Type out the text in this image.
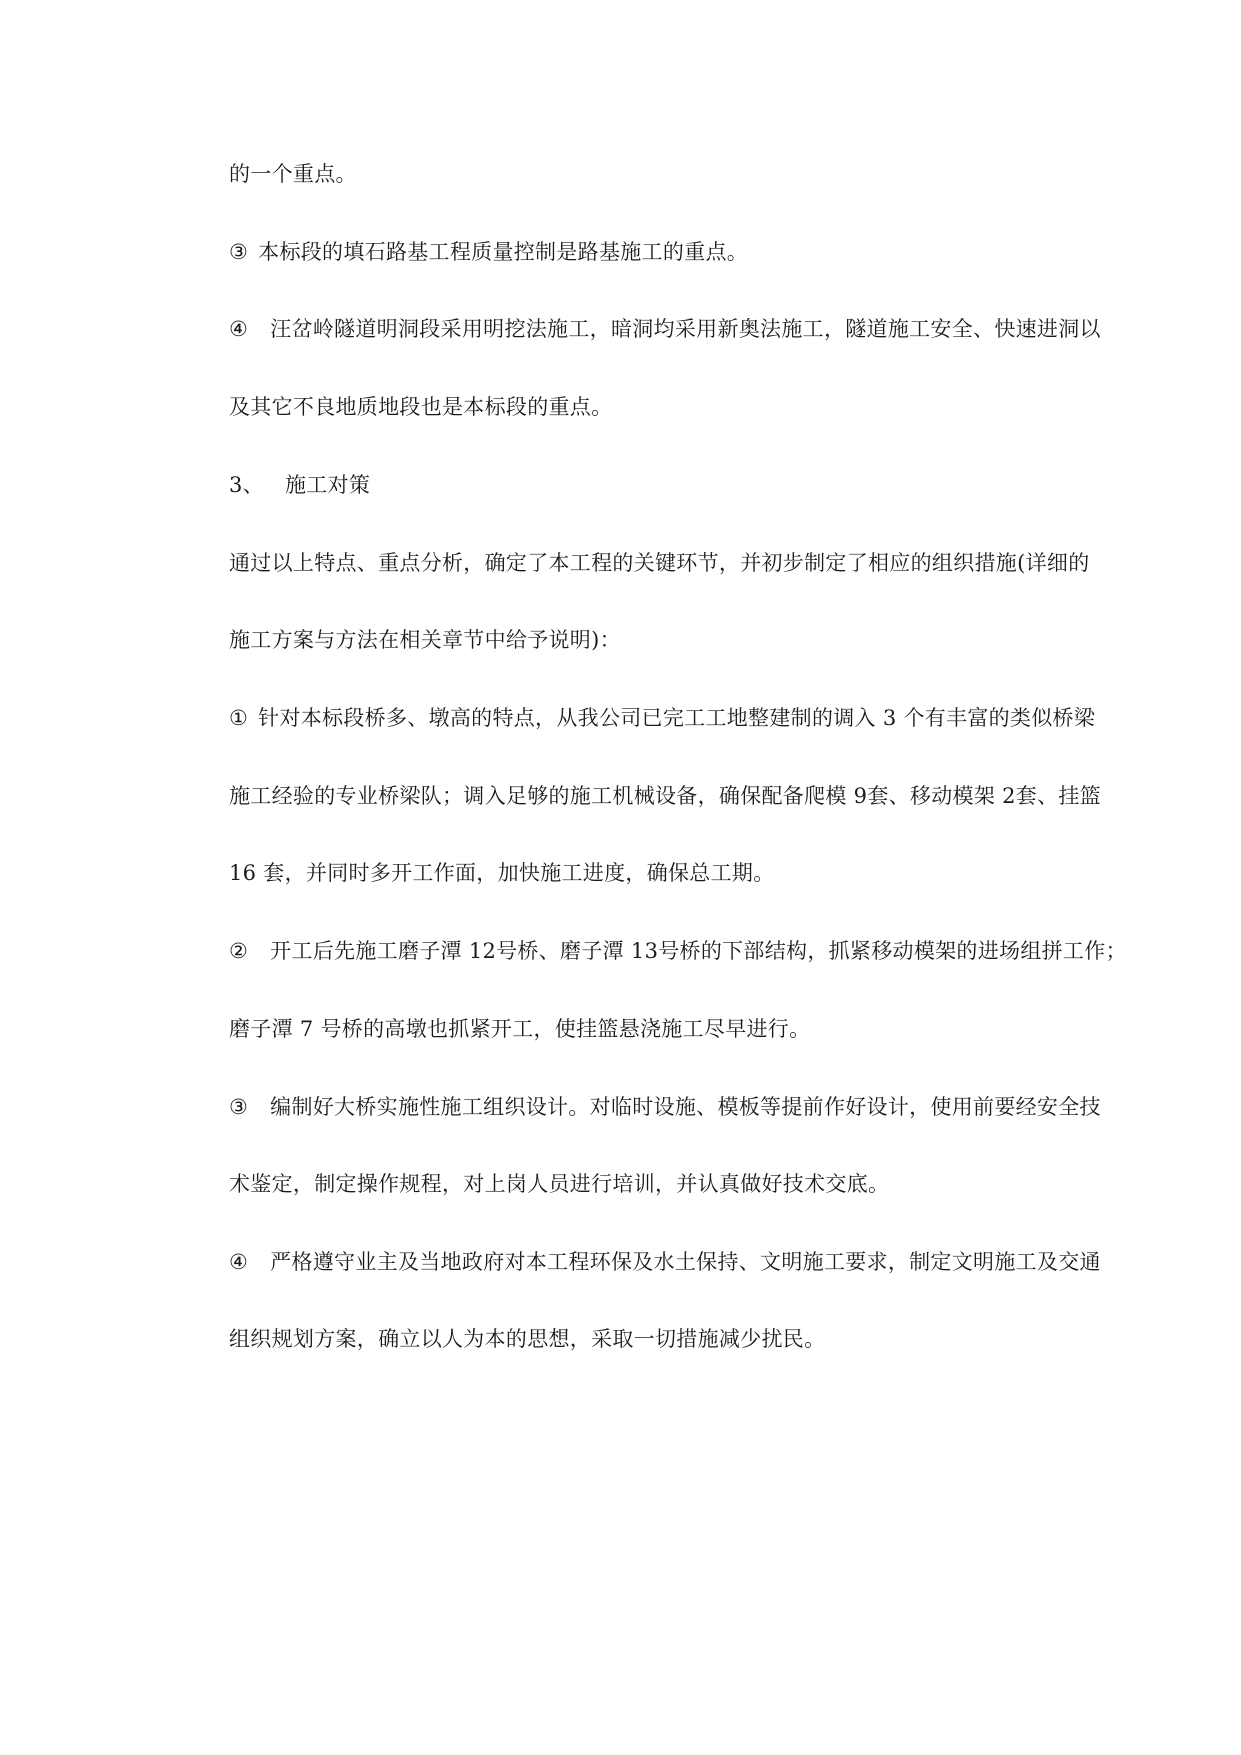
的一个重点。
③ 本标段的填石路基工程质量控制是路基施工的重点。
④ 汪岔岭隧道明洞段采用明挖法施工，暗洞均采用新奥法施工，隧道施工安全、快速进洞以
及其它不良地质地段也是本标段的重点。
3、 施工对策
通过以上特点、重点分析，确定了本工程的关键环节，并初步制定了相应的组织措施(详细的
施工方案与方法在相关章节中给予说明)：
① 针对本标段桥多、墩高的特点，从我公司已完工工地整建制的调入 3 个有丰富的类似桥梁
施工经验的专业桥梁队；调入足够的施工机械设备，确保配备爬模 9套、移动模架 2套、挂篮
16 套，并同时多开工作面，加快施工进度，确保总工期。
② 开工后先施工磨子潭 12号桥、磨子潭 13号桥的下部结构，抓紧移动模架的进场组拼工作；
磨子潭 7 号桥的高墩也抓紧开工，使挂篮悬浇施工尽早进行。
③ 编制好大桥实施性施工组织设计。对临时设施、模板等提前作好设计，使用前要经安全技
术鉴定，制定操作规程，对上岗人员进行培训，并认真做好技术交底。
④ 严格遵守业主及当地政府对本工程环保及水土保持、文明施工要求，制定文明施工及交通
组织规划方案，确立以人为本的思想，采取一切措施减少扰民。
